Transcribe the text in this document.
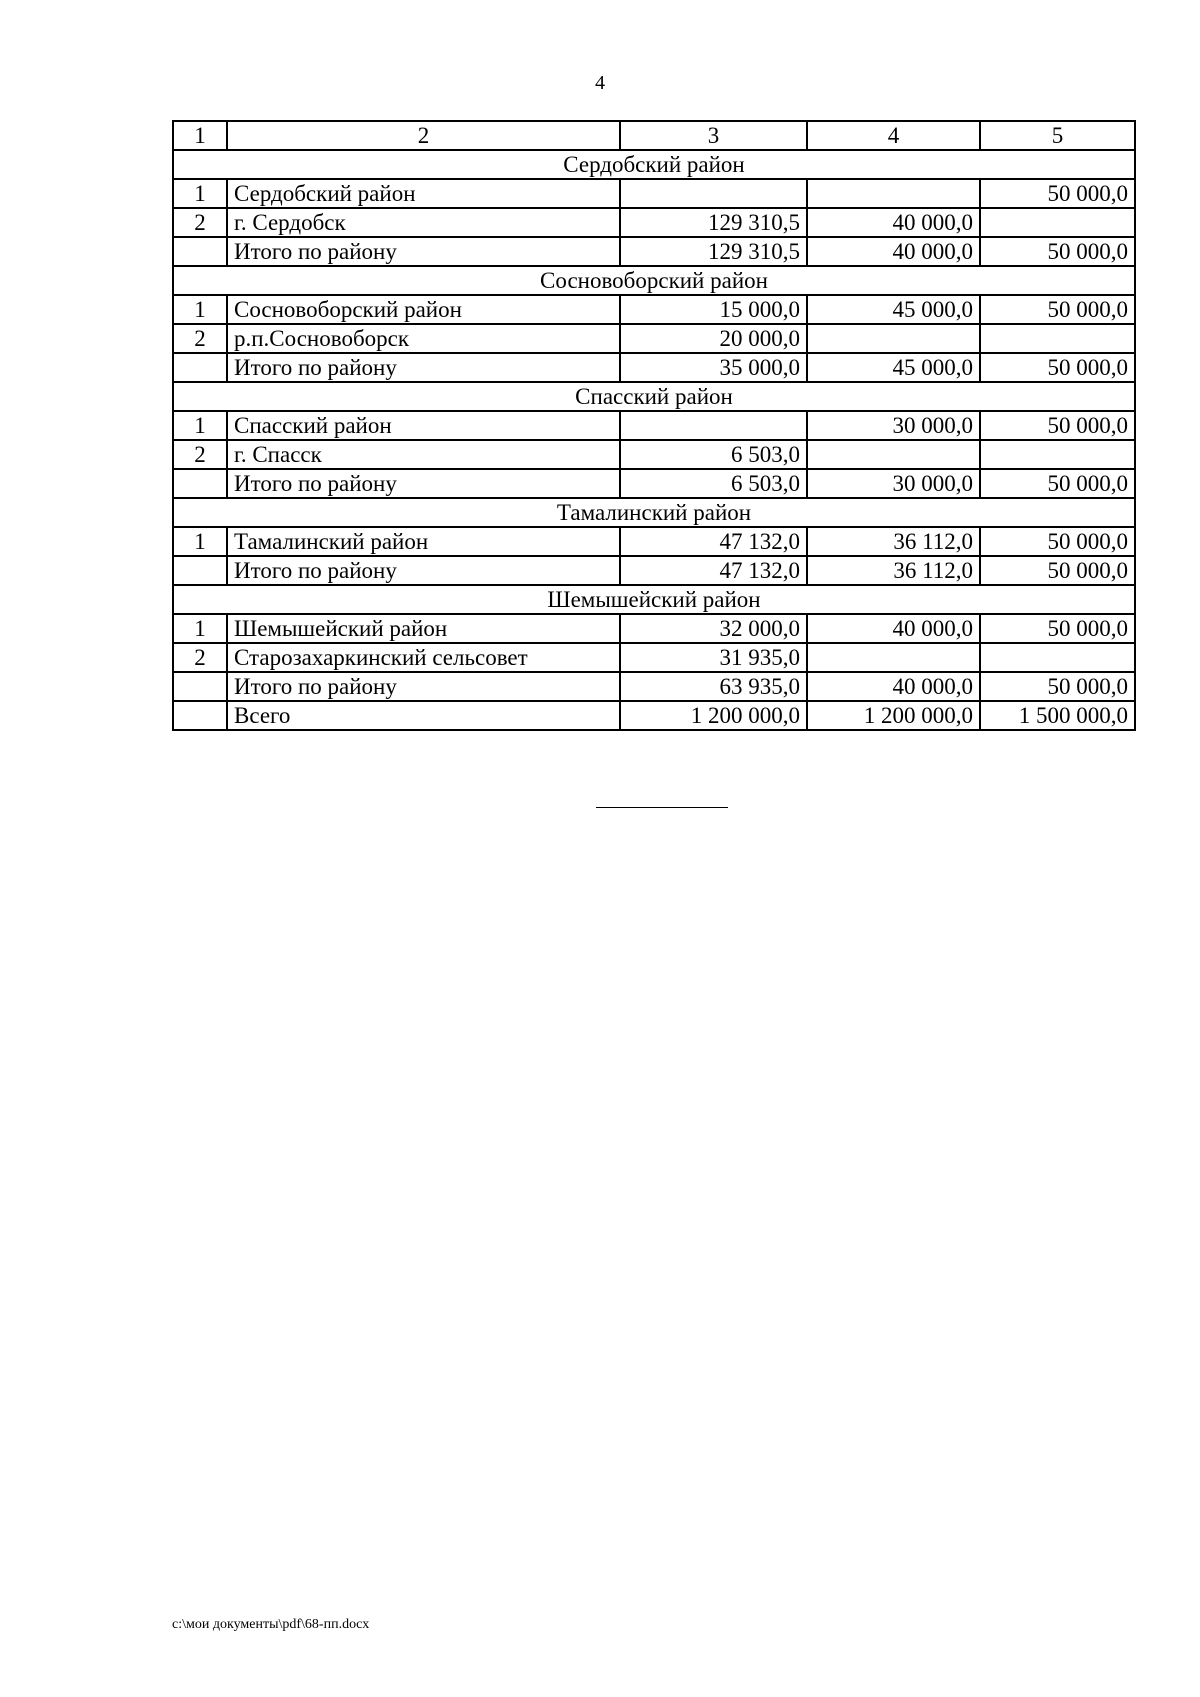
4
1	2	3	4	5
Сердобский район				
1	Сердобский район			50 000,0
2	г. Сердобск	129 310,5	40 000,0	
	Итого по району	129 310,5	40 000,0	50 000,0
Сосновоборский район				
1	Сосновоборский район	15 000,0	45 000,0	50 000,0
2	р.п.Сосновоборск	20 000,0		
	Итого по району	35 000,0	45 000,0	50 000,0
Спасский район				
1	Спасский район		30 000,0	50 000,0
2	г. Спасск	6 503,0		
	Итого по району	6 503,0	30 000,0	50 000,0
Тамалинский район				
1	Тамалинский район	47 132,0	36 112,0	50 000,0
	Итого по району	47 132,0	36 112,0	50 000,0
Шемышейский район				
1	Шемышейский район	32 000,0	40 000,0	50 000,0
2	Старозахаркинский сельсовет	31 935,0		
	Итого по району	63 935,0	40 000,0	50 000,0
	Всего	1 200 000,0	1 200 000,0	1 500 000,0
c:\мои документы\pdf\68-пп.docx
